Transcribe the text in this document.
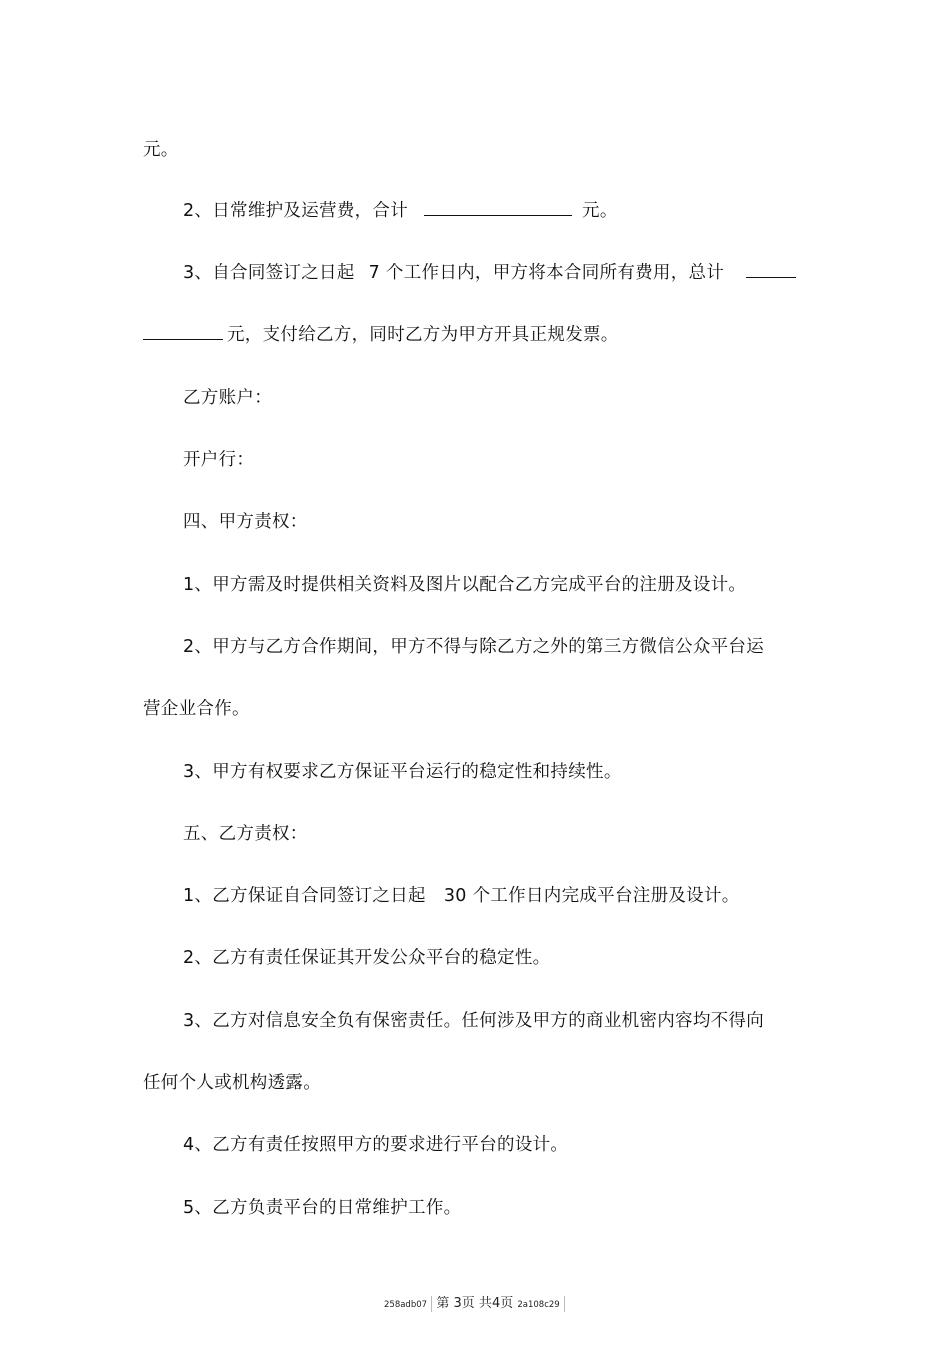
元。
2、日常维护及运营费，合计	元。
3、自合同签订之日起 7 个工作日内，甲方将本合同所有费用，总计
元，支付给乙方，同时乙方为甲方开具正规发票。
乙方账户：
开户行：
四、甲方责权：
1、甲方需及时提供相关资料及图片以配合乙方完成平台的注册及设计。
2、甲方与乙方合作期间，甲方不得与除乙方之外的第三方微信公众平台运
营企业合作。
3、甲方有权要求乙方保证平台运行的稳定性和持续性。
五、乙方责权：
1、乙方保证自合同签订之日起 30 个工作日内完成平台注册及设计。
2、乙方有责任保证其开发公众平台的稳定性。
3、乙方对信息安全负有保密责任。任何涉及甲方的商业机密内容均不得向
任何个人或机构透露。
4、乙方有责任按照甲方的要求进行平台的设计。
5、乙方负责平台的日常维护工作。
258adb07 第 3页 共4页 2a108c29
